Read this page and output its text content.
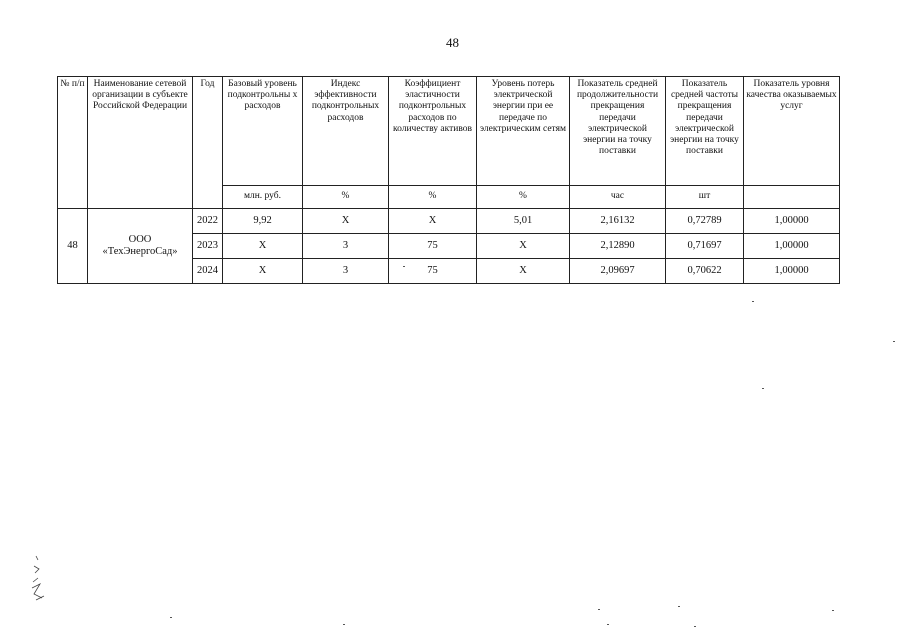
48
№ п/п	Наименование сетевой организации в субъекте Российской Федерации	Год	Базовый уровень подконтрольны х расходов	Индекс эффективности подконтрольных расходов	Коэффициент эластичности подконтрольных расходов по количеству активов	Уровень потерь электрической энергии при ее передаче по электрическим сетям	Показатель средней продолжительности прекращения передачи электрической энергии на точку поставки	Показатель средней частоты прекращения передачи электрической энергии на точку поставки	Показатель уровня качества оказываемых услуг
			млн. руб.	%	%	%	час	шт	
48	ООО «ТехЭнергоСад»	2022	9,92	Х	Х	5,01	2,16132	0,72789	1,00000
		2023	Х	3	75	Х	2,12890	0,71697	1,00000
		2024	Х	3	75	Х	2,09697	0,70622	1,00000
